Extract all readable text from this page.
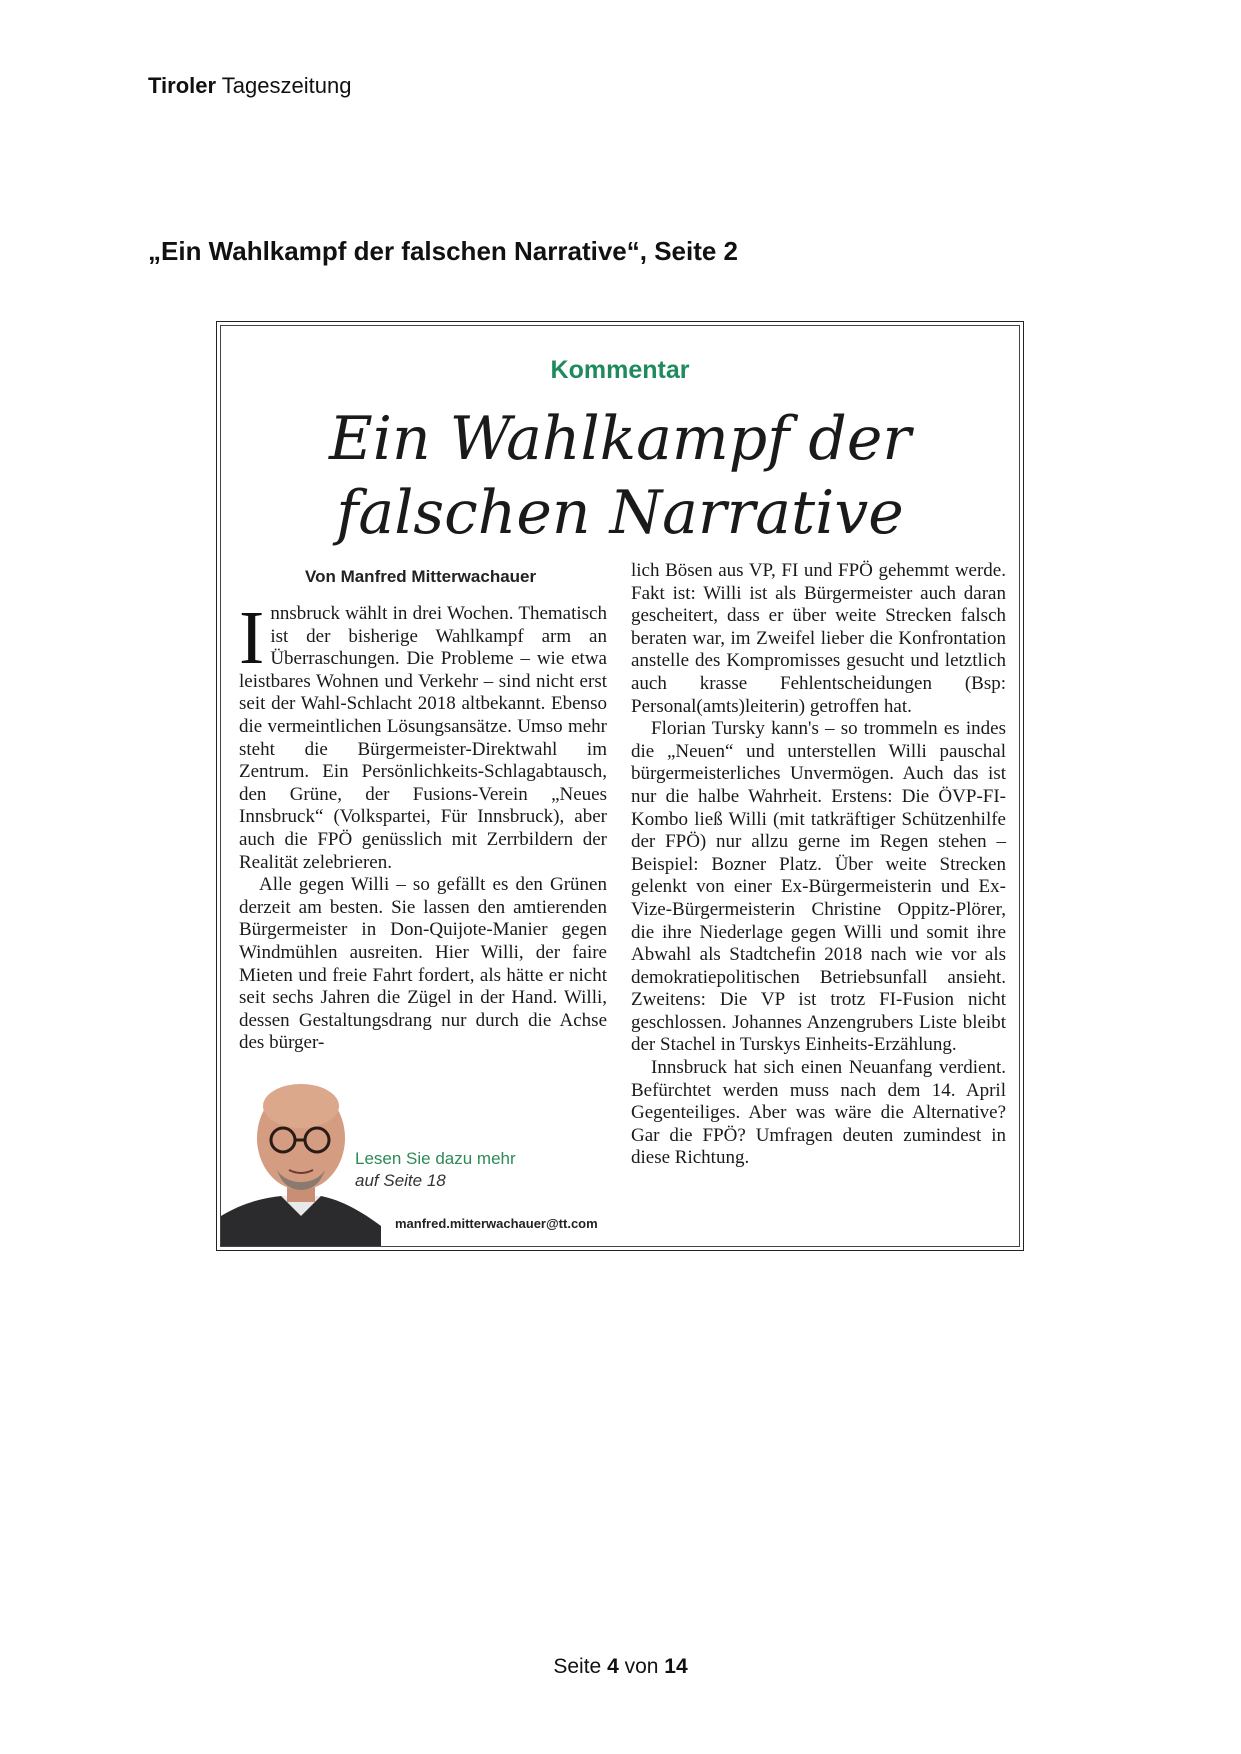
Tiroler Tageszeitung
„Ein Wahlkampf der falschen Narrative“, Seite 2

Kommentar

Ein Wahlkampf der
falschen Narrative
Von Manfred Mitterwachauer

Innsbruck wählt in drei Wochen. Thematisch ist der bisherige Wahlkampf arm an Überraschungen. Die Probleme – wie etwa leistbares Wohnen und Verkehr – sind nicht erst seit der Wahl-Schlacht 2018 altbekannt. Ebenso die vermeintlichen Lösungsansätze. Umso mehr steht die Bürgermeister-Direktwahl im Zentrum. Ein Persönlichkeits-Schlagabtausch, den Grüne, der Fusions-Verein „Neues Innsbruck“ (Volkspartei, Für Innsbruck), aber auch die FPÖ genüsslich mit Zerrbildern der Realität zelebrieren.

Alle gegen Willi – so gefällt es den Grünen derzeit am besten. Sie lassen den amtierenden Bürgermeister in Don-Quijote-Manier gegen Windmühlen ausreiten. Hier Willi, der faire Mieten und freie Fahrt fordert, als hätte er nicht seit sechs Jahren die Zügel in der Hand. Willi, dessen Gestaltungsdrang nur durch die Achse des bürger-

lich Bösen aus VP, FI und FPÖ gehemmt werde. Fakt ist: Willi ist als Bürgermeister auch daran gescheitert, dass er über weite Strecken falsch beraten war, im Zweifel lieber die Konfrontation anstelle des Kompromisses gesucht und letztlich auch krasse Fehlentscheidungen (Bsp: Personal(amts)leiterin) getroffen hat.

Florian Tursky kann's – so trommeln es indes die „Neuen“ und unterstellen Willi pauschal bürgermeisterliches Unvermögen. Auch das ist nur die halbe Wahrheit. Erstens: Die ÖVP-FI-Kombo ließ Willi (mit tatkräftiger Schützenhilfe der FPÖ) nur allzu gerne im Regen stehen – Beispiel: Bozner Platz. Über weite Strecken gelenkt von einer Ex-Bürgermeisterin und Ex-Vize-Bürgermeisterin Christine Oppitz-Plörer, die ihre Niederlage gegen Willi und somit ihre Abwahl als Stadtchefin 2018 nach wie vor als demokratiepolitischen Betriebsunfall ansieht. Zweitens: Die VP ist trotz FI-Fusion nicht geschlossen. Johannes Anzengrubers Liste bleibt der Stachel in Turskys Einheits-Erzählung.

Innsbruck hat sich einen Neuanfang verdient. Befürchtet werden muss nach dem 14. April Gegenteiliges. Aber was wäre die Alternative? Gar die FPÖ? Umfragen deuten zumindest in diese Richtung.

Lesen Sie dazu mehr
auf Seite 18
manfred.mitterwachauer@tt.com
Seite 4 von 14
